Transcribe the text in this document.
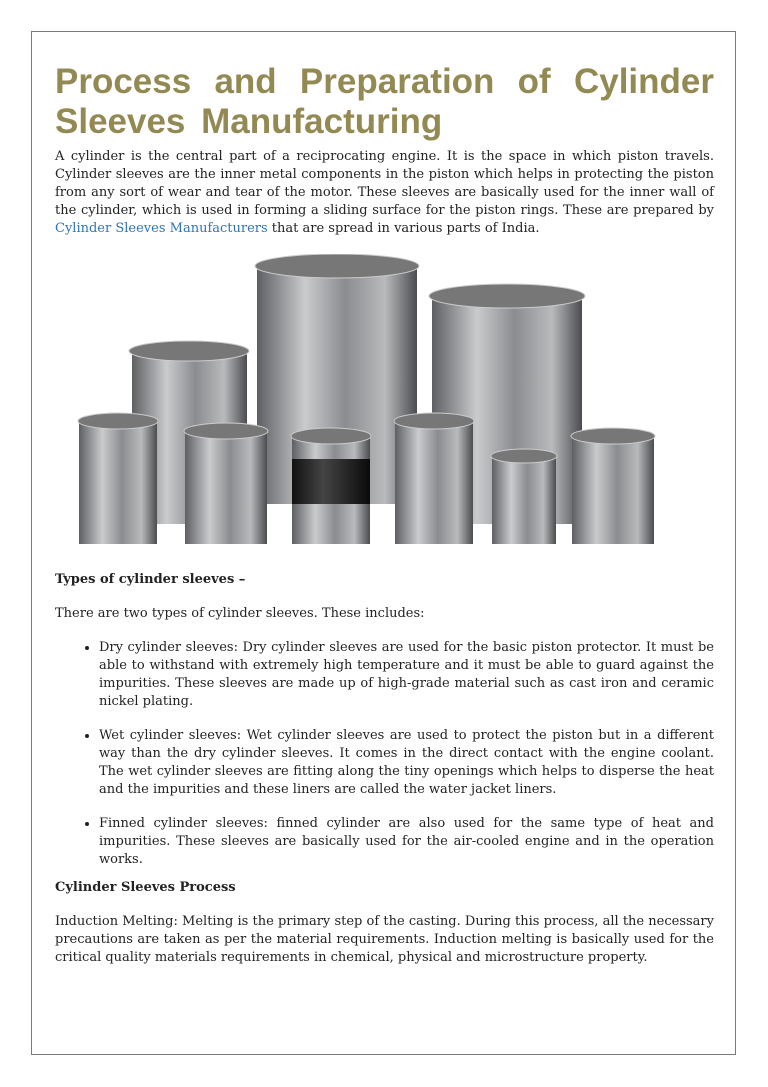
Process and Preparation of Cylinder Sleeves Manufacturing

A cylinder is the central part of a reciprocating engine. It is the space in which piston travels. Cylinder sleeves are the inner metal components in the piston which helps in protecting the piston from any sort of wear and tear of the motor. These sleeves are basically used for the inner wall of the cylinder, which is used in forming a sliding surface for the piston rings. These are prepared by Cylinder Sleeves Manufacturers that are spread in various parts of India.

Types of cylinder sleeves –

There are two types of cylinder sleeves. These includes:

• Dry cylinder sleeves: Dry cylinder sleeves are used for the basic piston protector. It must be able to withstand with extremely high temperature and it must be able to guard against the impurities. These sleeves are made up of high-grade material such as cast iron and ceramic nickel plating.
• Wet cylinder sleeves: Wet cylinder sleeves are used to protect the piston but in a different way than the dry cylinder sleeves. It comes in the direct contact with the engine coolant. The wet cylinder sleeves are fitting along the tiny openings which helps to disperse the heat and the impurities and these liners are called the water jacket liners.
• Finned cylinder sleeves: finned cylinder are also used for the same type of heat and impurities. These sleeves are basically used for the air-cooled engine and in the operation works.
Cylinder Sleeves Process

Induction Melting: Melting is the primary step of the casting. During this process, all the necessary precautions are taken as per the material requirements. Induction melting is basically used for the critical quality materials requirements in chemical, physical and microstructure property.
